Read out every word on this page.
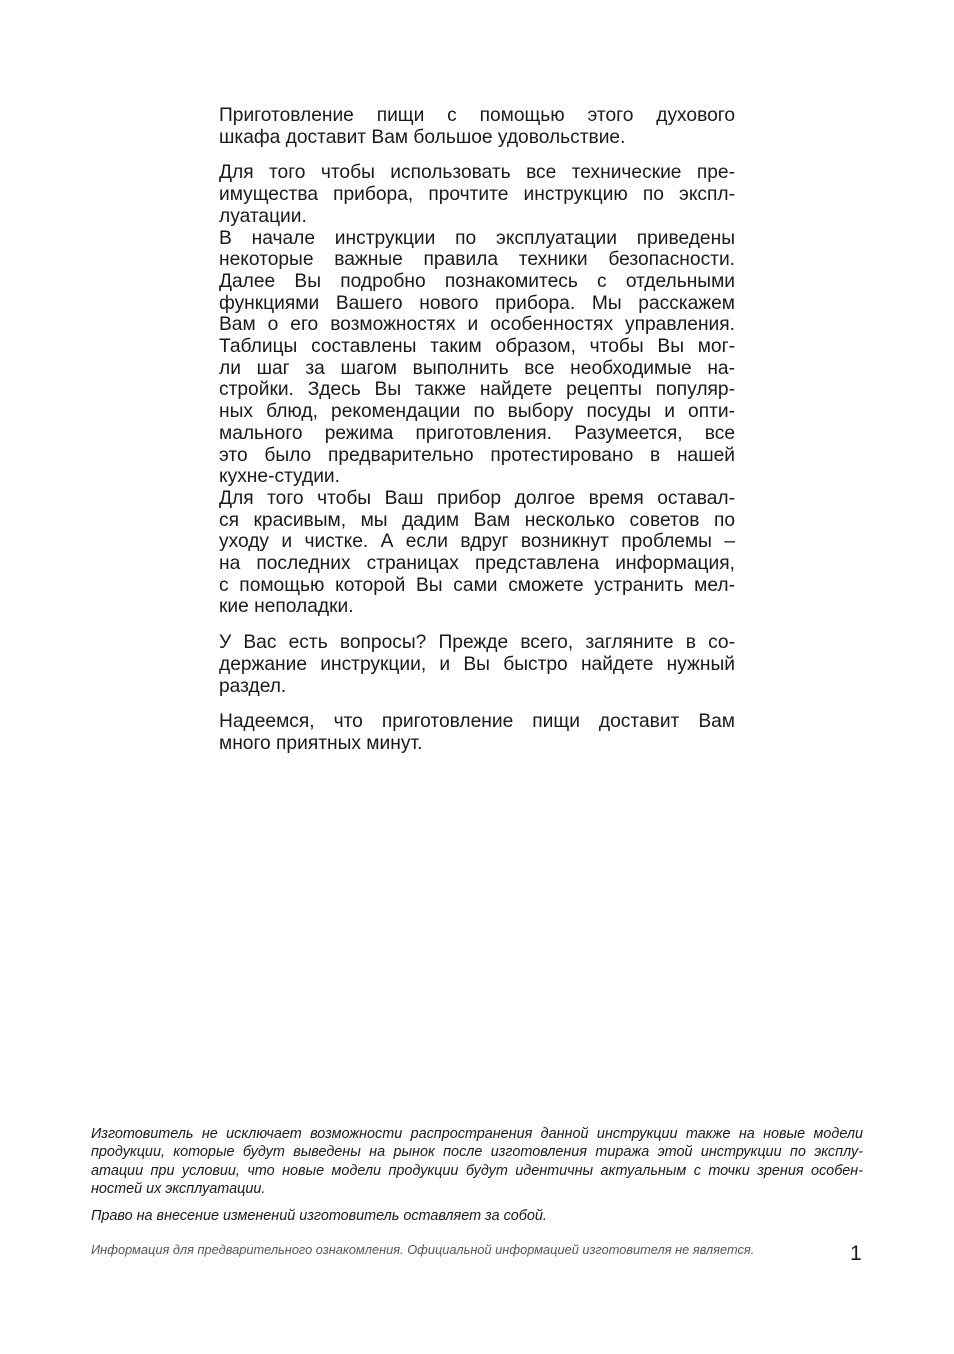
Приготовление пищи с помощью этого духового
шкафа доставит Вам большое удовольствие.

Для того чтобы использовать все технические пре-
имущества прибора, прочтите инструкцию по экспл-
луатации.

В начале инструкции по эксплуатации приведены
некоторые важные правила техники безопасности.
Далее Вы подробно познакомитесь с отдельными
функциями Вашего нового прибора. Мы расскажем
Вам о его возможностях и особенностях управления.
Таблицы составлены таким образом, чтобы Вы мог-
ли шаг за шагом выполнить все необходимые на-
стройки. Здесь Вы также найдете рецепты популяр-
ных блюд, рекомендации по выбору посуды и опти-
мального режима приготовления. Разумеется, все
это было предварительно протестировано в нашей
кухне-студии.

Для того чтобы Ваш прибор долгое время оставал-
ся красивым, мы дадим Вам несколько советов по
уходу и чистке. А если вдруг возникнут проблемы –
на последних страницах представлена информация,
с помощью которой Вы сами сможете устранить мел-
кие неполадки.

У Вас есть вопросы? Прежде всего, загляните в со-
держание инструкции, и Вы быстро найдете нужный
раздел.

Надеемся, что приготовление пищи доставит Вам
много приятных минут.

Изготовитель не исключает возможности распространения данной инструкции также на новые модели
продукции, которые будут выведены на рынок после изготовления тиража этой инструкции по эксплу-
атации при условии, что новые модели продукции будут идентичны актуальным с точки зрения особен-
ностей их эксплуатации.

Право на внесение изменений изготовитель оставляет за собой.

Информация для предварительного ознакомления. Официальной информацией изготовителя не является.	1
